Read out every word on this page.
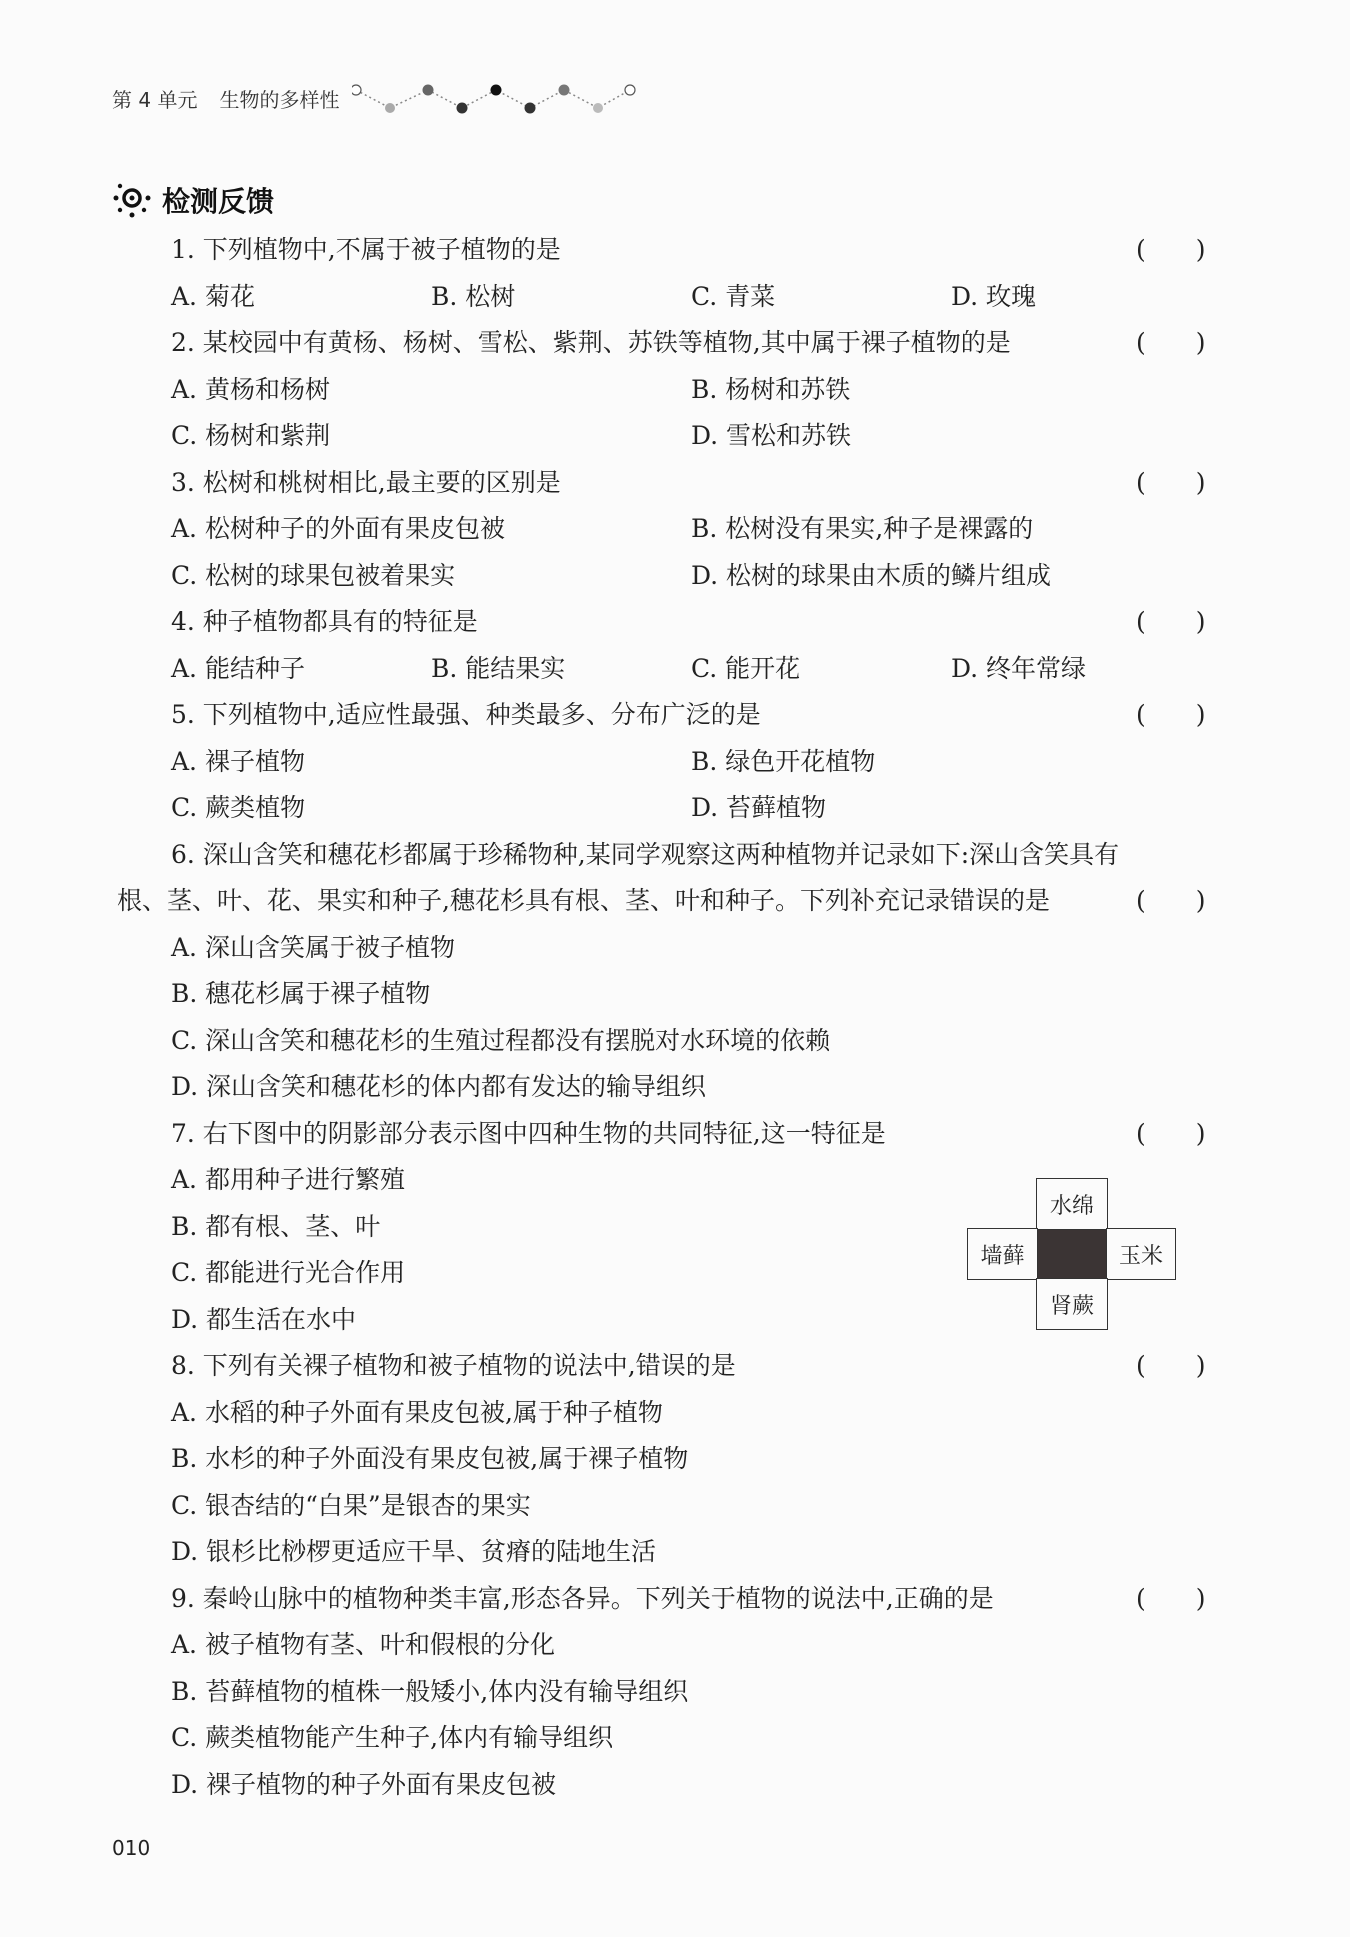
第 4 单元 生物的多样性
检测反馈
1. 下列植物中,不属于被子植物的是	(　　)
A. 菊花	B. 松树	C. 青菜	D. 玫瑰
2. 某校园中有黄杨、杨树、雪松、紫荆、苏铁等植物,其中属于裸子植物的是	(　　)
A. 黄杨和杨树	B. 杨树和苏铁
C. 杨树和紫荆	D. 雪松和苏铁
3. 松树和桃树相比,最主要的区别是	(　　)
A. 松树种子的外面有果皮包被	B. 松树没有果实,种子是裸露的
C. 松树的球果包被着果实	D. 松树的球果由木质的鳞片组成
4. 种子植物都具有的特征是	(　　)
A. 能结种子	B. 能结果实	C. 能开花	D. 终年常绿
5. 下列植物中,适应性最强、种类最多、分布广泛的是	(　　)
A. 裸子植物	B. 绿色开花植物
C. 蕨类植物	D. 苔藓植物
6. 深山含笑和穗花杉都属于珍稀物种,某同学观察这两种植物并记录如下:深山含笑具有
根、茎、叶、花、果实和种子,穗花杉具有根、茎、叶和种子。下列补充记录错误的是	(　　)
A. 深山含笑属于被子植物
B. 穗花杉属于裸子植物
C. 深山含笑和穗花杉的生殖过程都没有摆脱对水环境的依赖
D. 深山含笑和穗花杉的体内都有发达的输导组织
7. 右下图中的阴影部分表示图中四种生物的共同特征,这一特征是	(　　)
A. 都用种子进行繁殖
B. 都有根、茎、叶
C. 都能进行光合作用
D. 都生活在水中
水绵
墙藓	玉米
肾蕨
8. 下列有关裸子植物和被子植物的说法中,错误的是	(　　)
A. 水稻的种子外面有果皮包被,属于种子植物
B. 水杉的种子外面没有果皮包被,属于裸子植物
C. 银杏结的“白果”是银杏的果实
D. 银杉比桫椤更适应干旱、贫瘠的陆地生活
9. 秦岭山脉中的植物种类丰富,形态各异。下列关于植物的说法中,正确的是	(　　)
A. 被子植物有茎、叶和假根的分化
B. 苔藓植物的植株一般矮小,体内没有输导组织
C. 蕨类植物能产生种子,体内有输导组织
D. 裸子植物的种子外面有果皮包被
010
